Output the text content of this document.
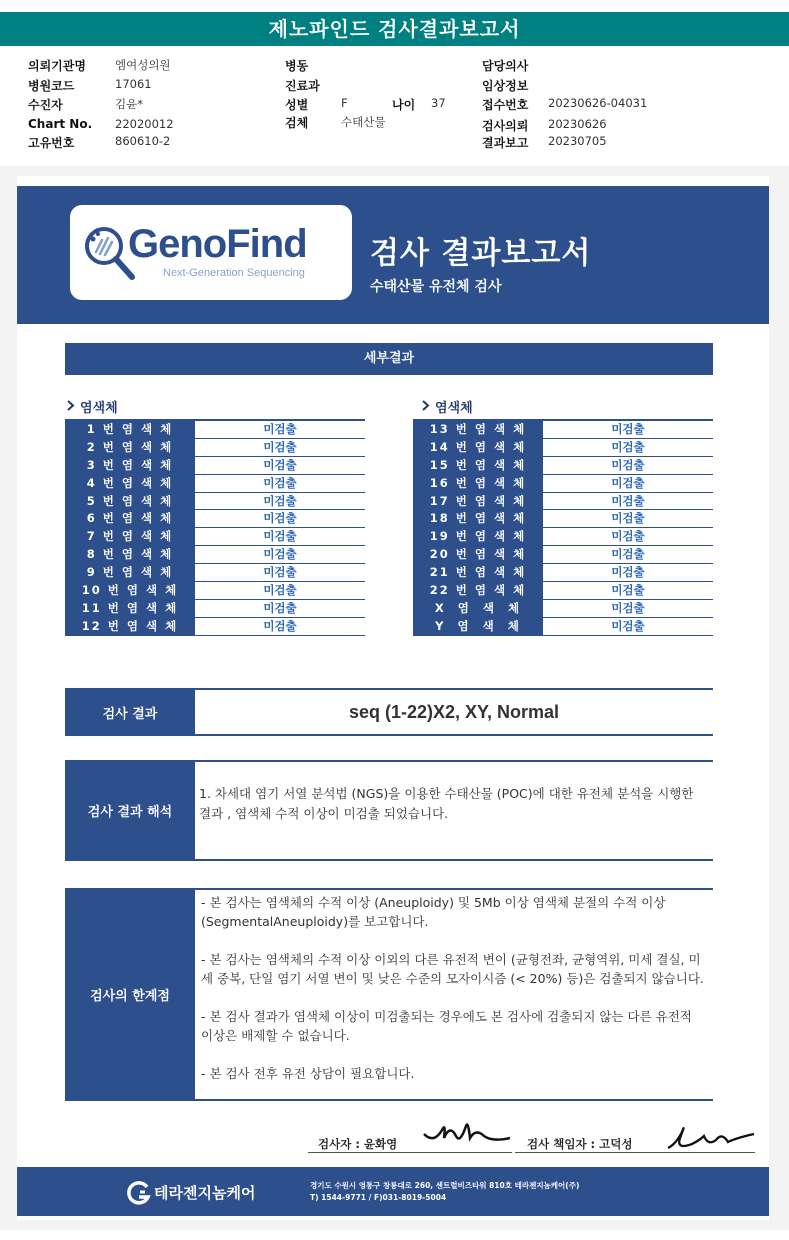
제노파인드 검사결과보고서
의뢰기관명	엠여성의원
병원코드	17061
수진자	김윤*
Chart No. 22020012
고유번호	860610-2
병동
진료과
성별	F	나이 37
검체	수태산물
담당의사
임상정보
접수번호 20230626-04031
검사의뢰 20230626
결과보고 20230705
GenoFind
Next-Generation Sequencing
검사 결과보고서
수태산물 유전체 검사
세부결과
염색체	염색체
1 번 염 색 체	미검출
2 번 염 색 체	미검출
3 번 염 색 체	미검출
4 번 염 색 체	미검출
5 번 염 색 체	미검출
6 번 염 색 체	미검출
7 번 염 색 체	미검출
8 번 염 색 체	미검출
9 번 염 색 체	미검출
10 번 염 색 체	미검출
11 번 염 색 체	미검출
12 번 염 색 체	미검출
13 번 염 색 체	미검출
14 번 염 색 체	미검출
15 번 염 색 체	미검출
16 번 염 색 체	미검출
17 번 염 색 체	미검출
18 번 염 색 체	미검출
19 번 염 색 체	미검출
20 번 염 색 체	미검출
21 번 염 색 체	미검출
22 번 염 색 체	미검출
X  염  색  체	미검출
Y  염  색  체	미검출
검사 결과	seq (1-22)X2, XY, Normal
검사 결과 해석
1. 차세대 염기 서열 분석법 (NGS)을 이용한 수태산물 (POC)에 대한 유전체 분석을 시행한 결과 , 염색체 수적 이상이 미검출 되었습니다.
검사의 한계점

- 본 검사는 염색체의 수적 이상 (Aneuploidy) 및 5Mb 이상 염색체 분절의 수적 이상 (SegmentalAneuploidy)를 보고합니다.

- 본 검사는 염색체의 수적 이상 이외의 다른 유전적 변이 (균형전좌, 균형역위, 미세 결실, 미세 중복, 단일 염기 서열 변이 및 낮은 수준의 모자이시즘 (< 20%) 등)은 검출되지 않습니다.

- 본 검사 결과가 염색체 이상이 미검출되는 경우에도 본 검사에 검출되지 않는 다른 유전적 이상은 배제할 수 없습니다.

- 본 검사 전후 유전 상담이 필요합니다.

검사자 : 윤화영	검사 책임자 : 고덕성
테라젠지놈케어	경기도 수원시 영통구 창룡대로 260, 센트럴비즈타워 810호 테라젠지놈케어(주)
T) 1544-9771 / F)031-8019-5004
